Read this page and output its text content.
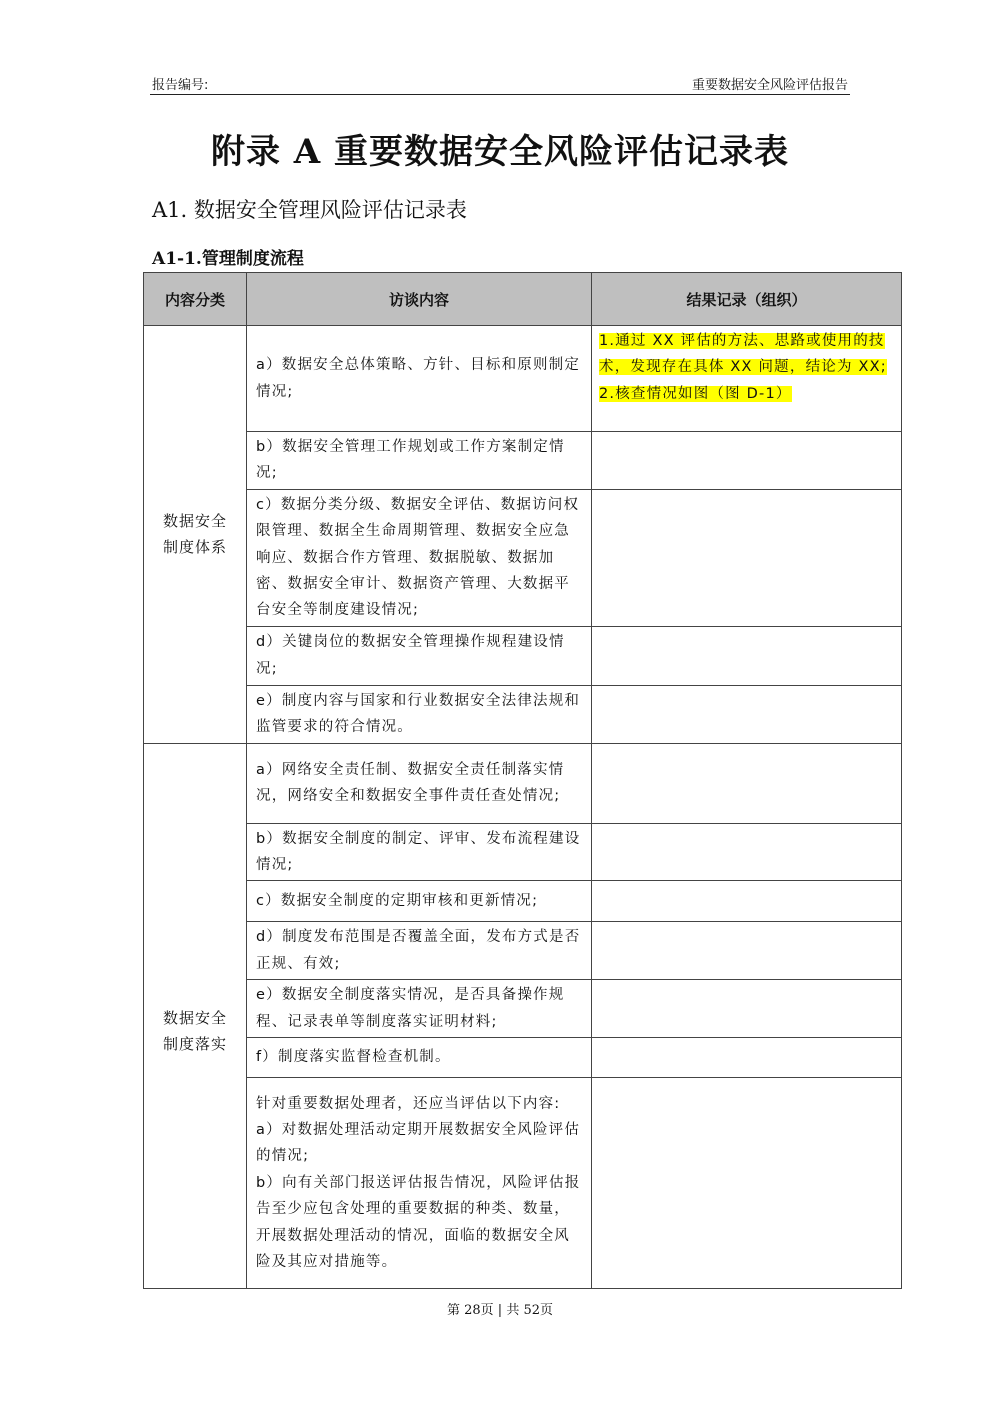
报告编号:	重要数据安全风险评估报告
附录 A 重要数据安全风险评估记录表
A1. 数据安全管理风险评估记录表
A1-1.管理制度流程
内容分类	访谈内容	结果记录（组织）

数据安全制度体系	a）数据安全总体策略、方针、目标和原则制定情况;	1.通过 XX 评估的方法、思路或使用的技术，发现存在具体 XX 问题，结论为 XX;
2.核查情况如图（图 D-1）
	b）数据安全管理工作规划或工作方案制定情况;	
	c）数据分类分级、数据安全评估、数据访问权限管理、数据全生命周期管理、数据安全应急响应、数据合作方管理、数据脱敏、数据加密、数据安全审计、数据资产管理、大数据平台安全等制度建设情况;	
	d）关键岗位的数据安全管理操作规程建设情况;	
	e）制度内容与国家和行业数据安全法律法规和监管要求的符合情况。	

数据安全制度落实	a）网络安全责任制、数据安全责任制落实情况，网络安全和数据安全事件责任查处情况;	
	b）数据安全制度的制定、评审、发布流程建设情况;	
	c）数据安全制度的定期审核和更新情况;	
	d）制度发布范围是否覆盖全面，发布方式是否正规、有效;	
	e）数据安全制度落实情况，是否具备操作规程、记录表单等制度落实证明材料;	
	f）制度落实监督检查机制。	

	针对重要数据处理者，还应当评估以下内容:
a）对数据处理活动定期开展数据安全风险评估的情况;
b）向有关部门报送评估报告情况，风险评估报告至少应包含处理的重要数据的种类、数量，开展数据处理活动的情况，面临的数据安全风险及其应对措施等。	

第 28页 | 共 52页
